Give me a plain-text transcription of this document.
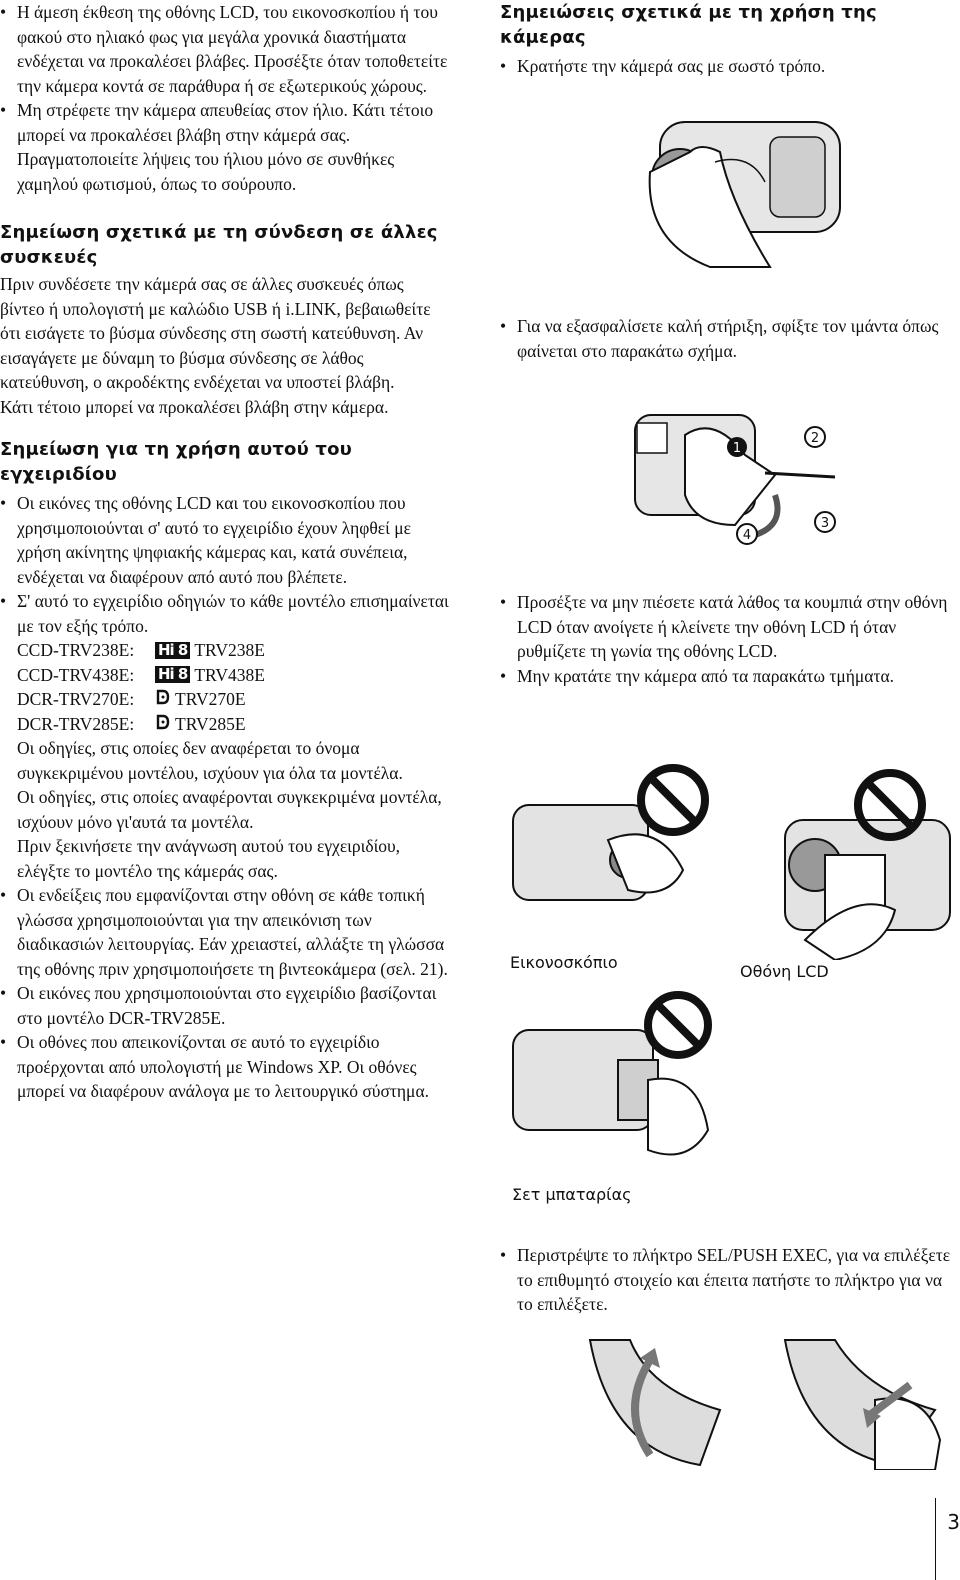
• Η άμεση έκθεση της οθόνης LCD, του εικονοσκοπίου ή του φακού στο ηλιακό φως για μεγάλα χρονικά διαστήματα ενδέχεται να προκαλέσει βλάβες. Προσέξτε όταν τοποθετείτε την κάμερα κοντά σε παράθυρα ή σε εξωτερικούς χώρους.
• Μη στρέφετε την κάμερα απευθείας στον ήλιο. Κάτι τέτοιο μπορεί να προκαλέσει βλάβη στην κάμερά σας. Πραγματοποιείτε λήψεις του ήλιου μόνο σε συνθήκες χαμηλού φωτισμού, όπως το σούρουπο.
Σημείωση σχετικά με τη σύνδεση σε άλλες συσκευές

Πριν συνδέσετε την κάμερά σας σε άλλες συσκευές όπως βίντεο ή υπολογιστή με καλώδιο USB ή i.LINK, βεβαιωθείτε ότι εισάγετε το βύσμα σύνδεσης στη σωστή κατεύθυνση. Αν εισαγάγετε με δύναμη το βύσμα σύνδεσης σε λάθος κατεύθυνση, ο ακροδέκτης ενδέχεται να υποστεί βλάβη.

Κάτι τέτοιο μπορεί να προκαλέσει βλάβη στην κάμερα.

Σημείωση για τη χρήση αυτού του εγχειριδίου
• Οι εικόνες της οθόνης LCD και του εικονοσκοπίου που χρησιμοποιούνται σ' αυτό το εγχειρίδιο έχουν ληφθεί με χρήση ακίνητης ψηφιακής κάμερας και, κατά συνέπεια, ενδέχεται να διαφέρουν από αυτό που βλέπετε.
• Σ' αυτό το εγχειρίδιο οδηγιών το κάθε μοντέλο επισημαίνεται με τον εξής τρόπο.
CCD-TRV238E:	Hi 8 TRV238E
CCD-TRV438E:	Hi 8 TRV438E
DCR-TRV270E:	TRV270E
DCR-TRV285E:	TRV285E
Οι οδηγίες, στις οποίες δεν αναφέρεται το όνομα συγκεκριμένου μοντέλου, ισχύουν για όλα τα μοντέλα.
Οι οδηγίες, στις οποίες αναφέρονται συγκεκριμένα μοντέλα, ισχύουν μόνο γι'αυτά τα μοντέλα.
Πριν ξεκινήσετε την ανάγνωση αυτού του εγχειριδίου, ελέγξτε το μοντέλο της κάμεράς σας.
• Οι ενδείξεις που εμφανίζονται στην οθόνη σε κάθε τοπική γλώσσα χρησιμοποιούνται για την απεικόνιση των διαδικασιών λειτουργίας. Εάν χρειαστεί, αλλάξτε τη γλώσσα της οθόνης πριν χρησιμοποιήσετε τη βιντεοκάμερα (σελ. 21).
• Οι εικόνες που χρησιμοποιούνται στο εγχειρίδιο βασίζονται στο μοντέλο DCR-TRV285E.
• Οι οθόνες που απεικονίζονται σε αυτό το εγχειρίδιο προέρχονται από υπολογιστή με Windows XP. Οι οθόνες μπορεί να διαφέρουν ανάλογα με το λειτουργικό σύστημα.
Σημειώσεις σχετικά με τη χρήση της κάμερας
• Κρατήστε την κάμερά σας με σωστό τρόπο.
• Για να εξασφαλίσετε καλή στήριξη, σφίξτε τον ιμάντα όπως φαίνεται στο παρακάτω σχήμα.
1
2
3
4
• Προσέξτε να μην πιέσετε κατά λάθος τα κουμπιά στην οθόνη LCD όταν ανοίγετε ή κλείνετε την οθόνη LCD ή όταν ρυθμίζετε τη γωνία της οθόνης LCD.
• Μην κρατάτε την κάμερα από τα παρακάτω τμήματα.
Εικονοσκόπιο	Οθόνη LCD
Σετ μπαταρίας
• Περιστρέψτε το πλήκτρο SEL/PUSH EXEC, για να επιλέξετε το επιθυμητό στοιχείο και έπειτα πατήστε το πλήκτρο για να το επιλέξετε.
3
